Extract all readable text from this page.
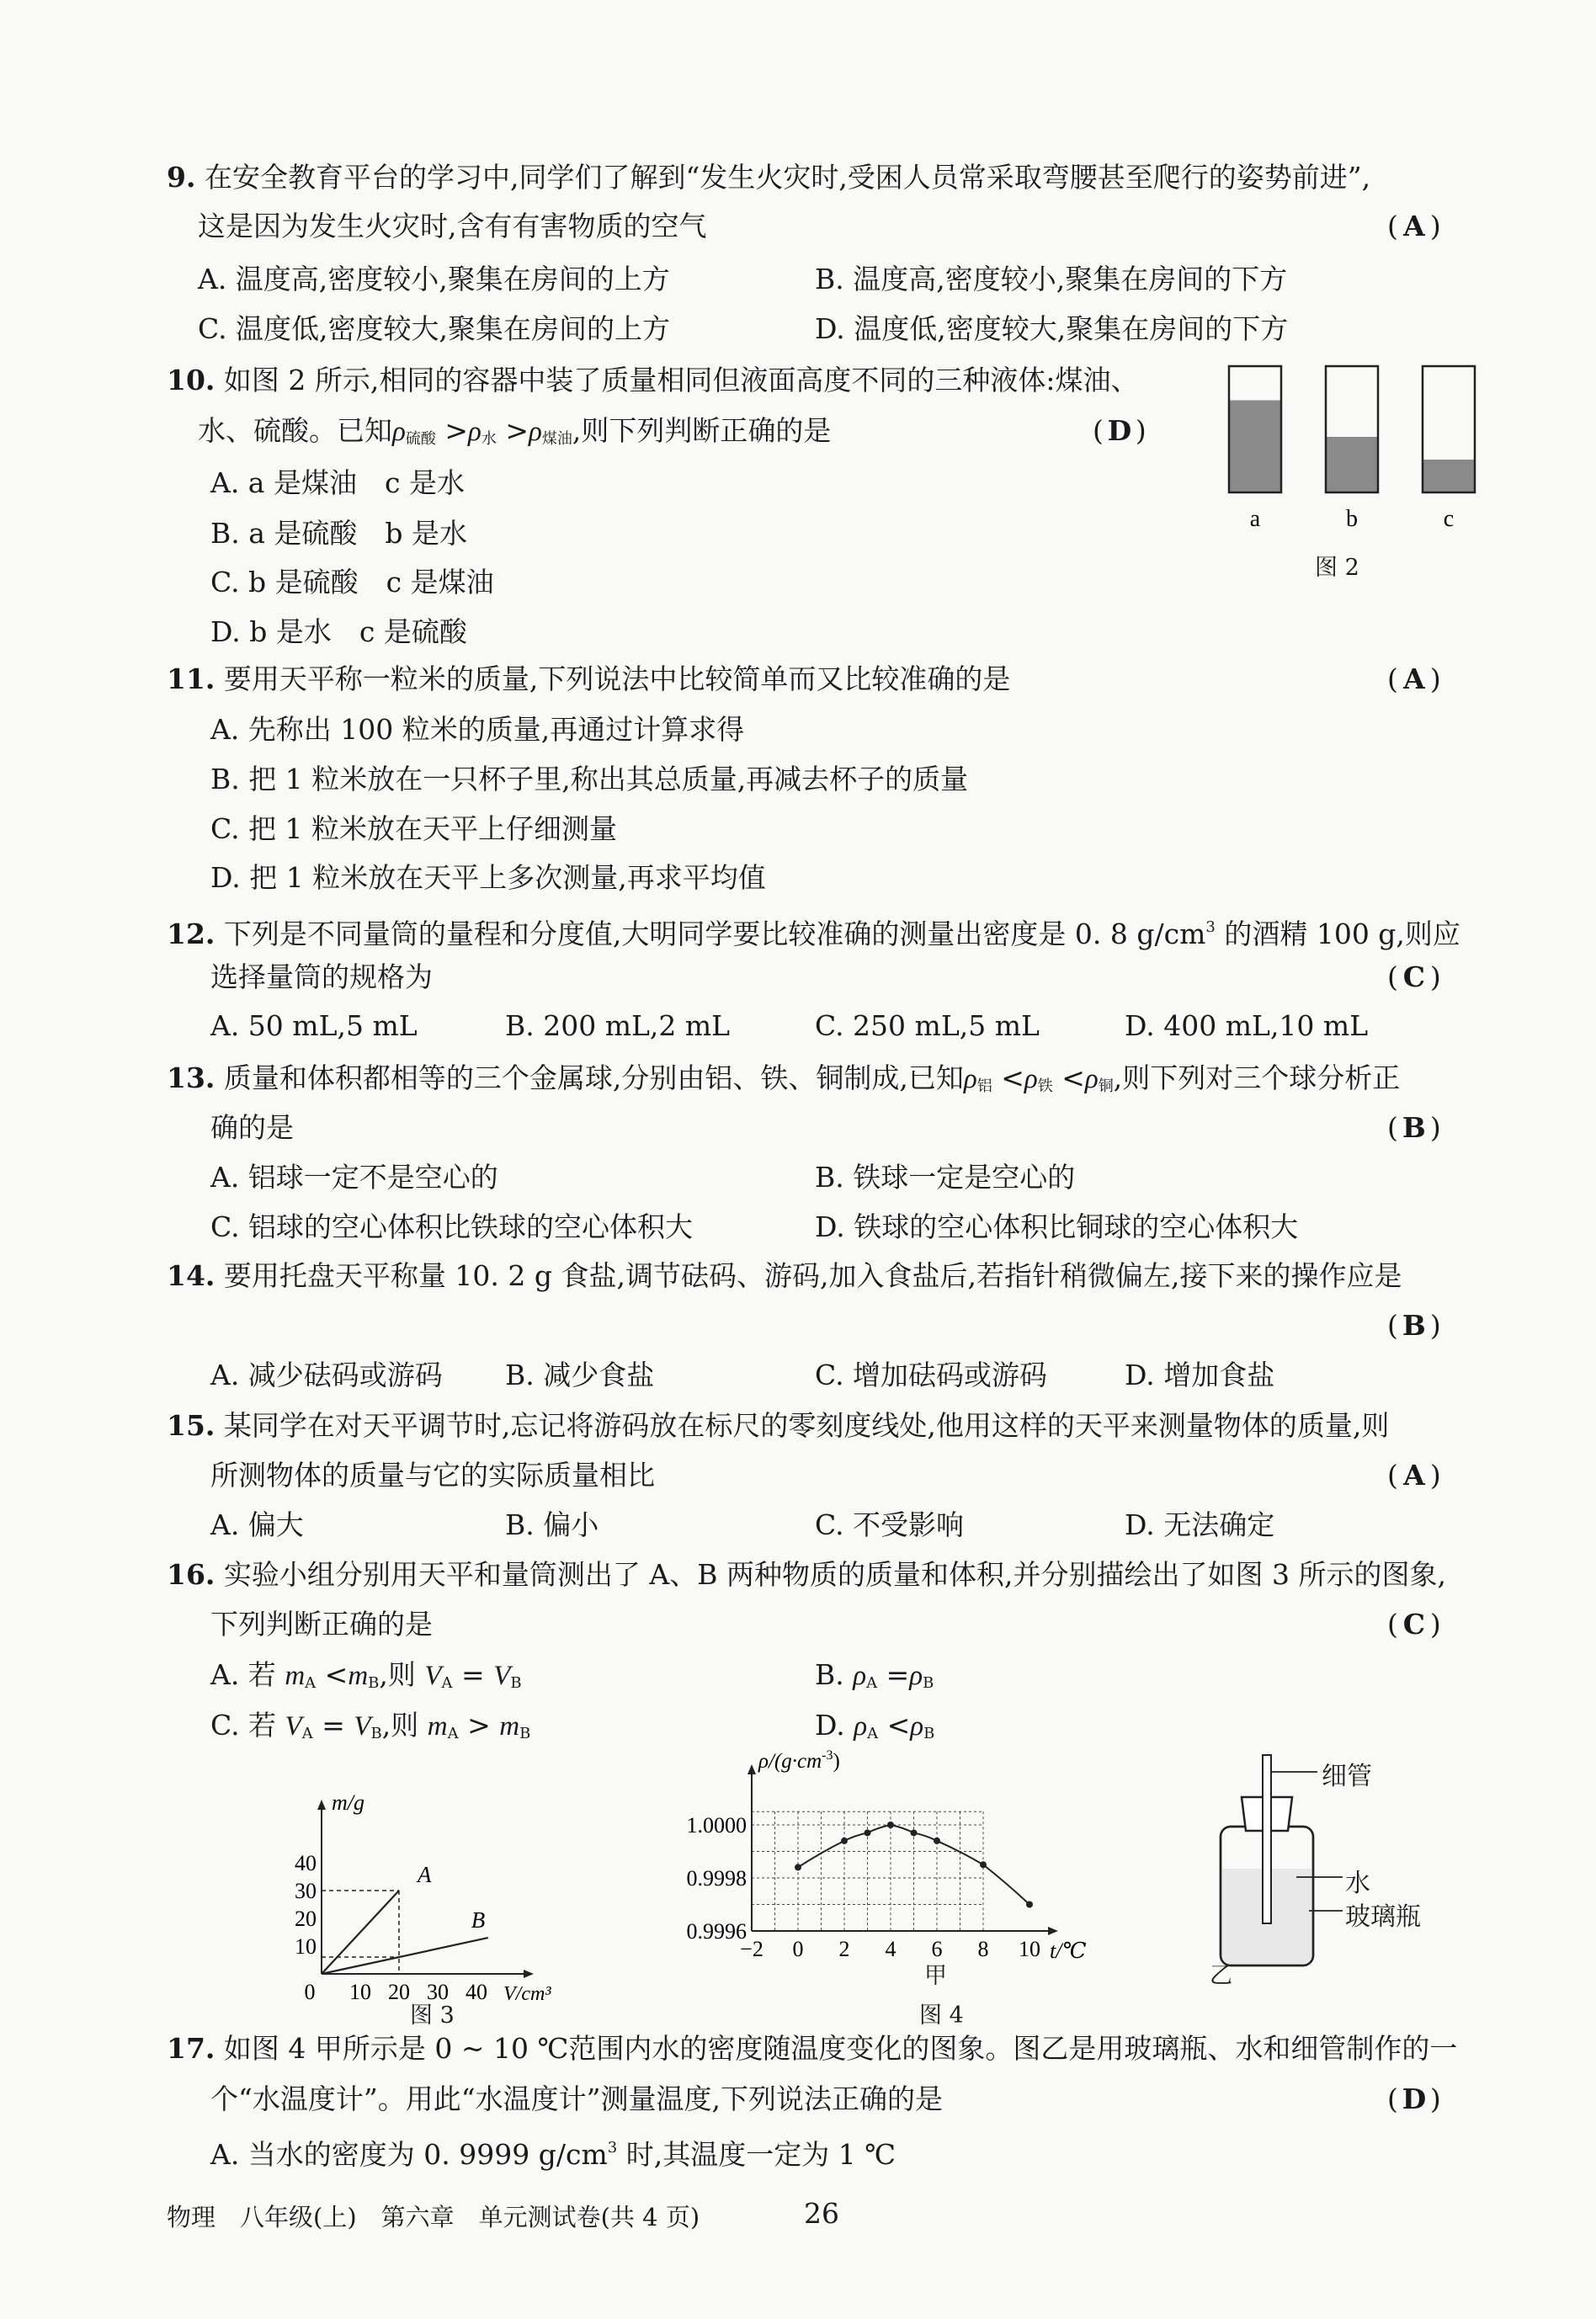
9. 在安全教育平台的学习中,同学们了解到“发生火灾时,受困人员常采取弯腰甚至爬行的姿势前进”,
这是因为发生火灾时,含有有害物质的空气	( A )
A. 温度高,密度较小,聚集在房间的上方	B. 温度高,密度较小,聚集在房间的下方
C. 温度低,密度较大,聚集在房间的上方	D. 温度低,密度较大,聚集在房间的下方
10. 如图 2 所示,相同的容器中装了质量相同但液面高度不同的三种液体:煤油、
水、硫酸。已知$\rho_{硫酸} >\rho_水 >\rho_{煤油}$,则下列判断正确的是	( D )
A. a 是煤油　c 是水
B. a 是硫酸　b 是水
C. b 是硫酸　c 是煤油
D. b 是水　c 是硫酸
a	b	c
图 2
11. 要用天平称一粒米的质量,下列说法中比较简单而又比较准确的是	( A )
A. 先称出 100 粒米的质量,再通过计算求得
B. 把 1 粒米放在一只杯子里,称出其总质量,再减去杯子的质量
C. 把 1 粒米放在天平上仔细测量
D. 把 1 粒米放在天平上多次测量,再求平均值
12. 下列是不同量筒的量程和分度值,大明同学要比较准确的测量出密度是 0. 8 $g/cm^3$ 的酒精 100 g,则应
选择量筒的规格为	( C )
A. 50 mL,5 mL	B. 200 mL,2 mL	C. 250 mL,5 mL	D. 400 mL,10 mL
13. 质量和体积都相等的三个金属球,分别由铝、铁、铜制成,已知$\rho_铝 <\rho_铁 <\rho_铜$,则下列对三个球分析正
确的是	( B )
A. 铝球一定不是空心的	B. 铁球一定是空心的
C. 铝球的空心体积比铁球的空心体积大	D. 铁球的空心体积比铜球的空心体积大
14. 要用托盘天平称量 10. 2 g 食盐,调节砝码、游码,加入食盐后,若指针稍微偏左,接下来的操作应是
( B )
A. 减少砝码或游码 B. 减少食盐	C. 增加砝码或游码	D. 增加食盐
15. 某同学在对天平调节时,忘记将游码放在标尺的零刻度线处,他用这样的天平来测量物体的质量,则
所测物体的质量与它的实际质量相比	( A )
A. 偏大	B. 偏小	C. 不受影响	D. 无法确定
16. 实验小组分别用天平和量筒测出了 A、B 两种物质的质量和体积,并分别描绘出了如图 3 所示的图象,
下列判断正确的是	( C )
A. 若 $m_A <m_B$,则 $V_A = V_B$	B. $\rho_A =\rho_B$
C. 若 $V_A = V_B$,则 $m_A > m_B$	D. $\rho_A <\rho_B$
m/g
V/cm³
40
30
20
10
0 10 20 30 40
A
B
图 3
$\rho/(g\cdot cm^{-3})$
1.0000
0.9998
0.9996
−2 0 2 4 6 8 10 t/℃
甲
图 4
细管
水
玻璃瓶
乙
17. 如图 4 甲所示是 0 ~ 10 ℃范围内水的密度随温度变化的图象。图乙是用玻璃瓶、水和细管制作的一
个“水温度计”。用此“水温度计”测量温度,下列说法正确的是	( D )
A. 当水的密度为 0. 9999 $g/cm^3$ 时,其温度一定为 1 ℃
物理　八年级(上)　第六章　单元测试卷(共 4 页)	26
